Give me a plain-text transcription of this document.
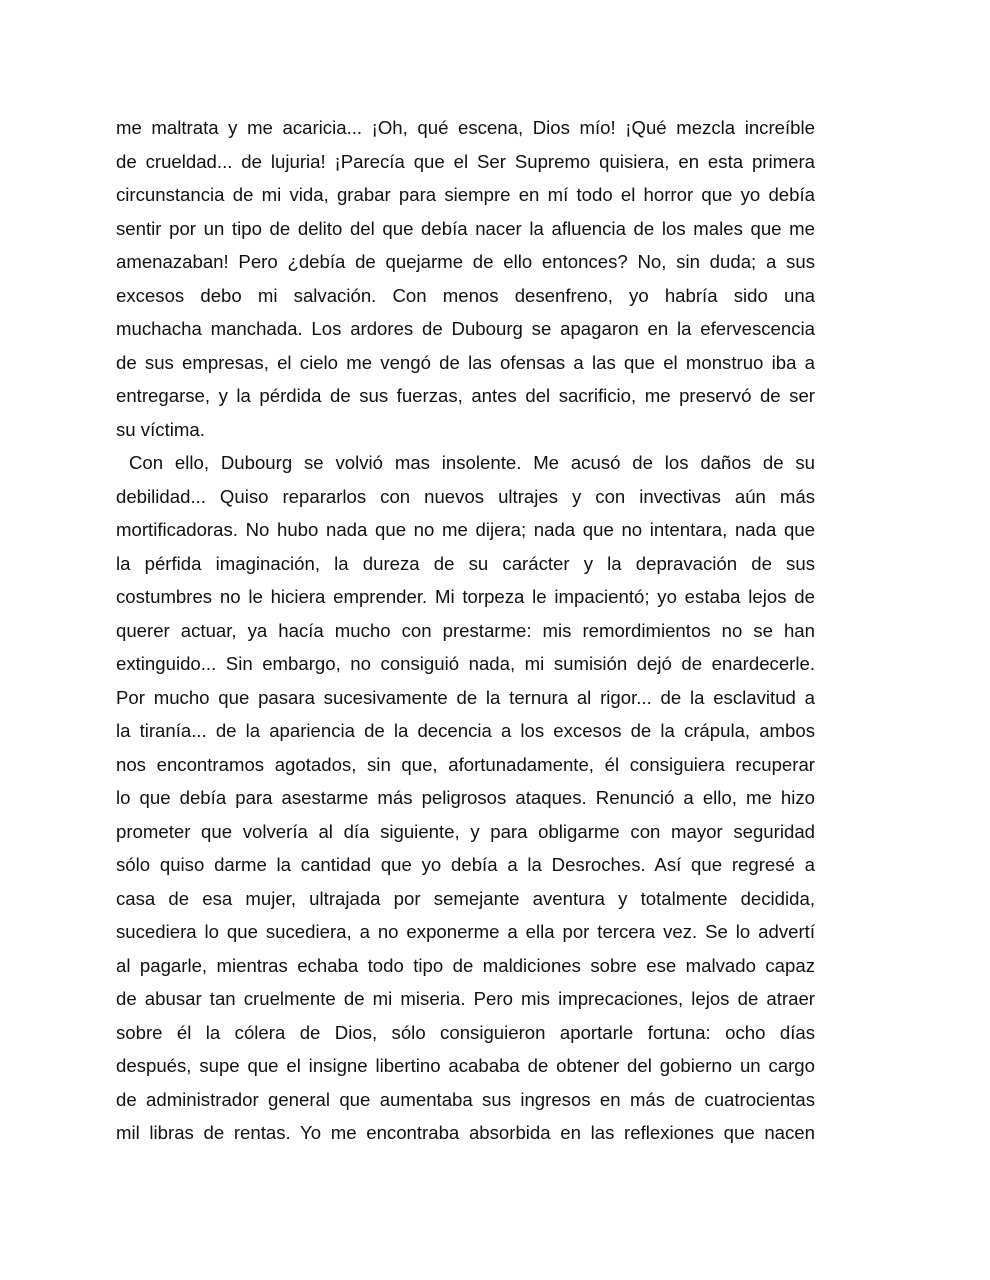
me maltrata y me acaricia... ¡Oh, qué escena, Dios mío! ¡Qué mezcla increíble
de crueldad... de lujuria! ¡Parecía que el Ser Supremo quisiera, en esta primera
circunstancia de mi vida, grabar para siempre en mí todo el horror que yo debía
sentir por un tipo de delito del que debía nacer la afluencia de los males que me
amenazaban! Pero ¿debía de quejarme de ello entonces? No, sin duda; a sus
excesos debo mi salvación. Con menos desenfreno, yo habría sido una
muchacha manchada. Los ardores de Dubourg se apagaron en la efervescencia
de sus empresas, el cielo me vengó de las ofensas a las que el monstruo iba a
entregarse, y la pérdida de sus fuerzas, antes del sacrificio, me preservó de ser
su víctima.
Con ello, Dubourg se volvió mas insolente. Me acusó de los daños de su
debilidad... Quiso repararlos con nuevos ultrajes y con invectivas aún más
mortificadoras. No hubo nada que no me dijera; nada que no intentara, nada que
la pérfida imaginación, la dureza de su carácter y la depravación de sus
costumbres no le hiciera emprender. Mi torpeza le impacientó; yo estaba lejos de
querer actuar, ya hacía mucho con prestarme: mis remordimientos no se han
extinguido... Sin embargo, no consiguió nada, mi sumisión dejó de enardecerle.
Por mucho que pasara sucesivamente de la ternura al rigor... de la esclavitud a
la tiranía... de la apariencia de la decencia a los excesos de la crápula, ambos
nos encontramos agotados, sin que, afortunadamente, él consiguiera recuperar
lo que debía para asestarme más peligrosos ataques. Renunció a ello, me hizo
prometer que volvería al día siguiente, y para obligarme con mayor seguridad
sólo quiso darme la cantidad que yo debía a la Desroches. Así que regresé a
casa de esa mujer, ultrajada por semejante aventura y totalmente decidida,
sucediera lo que sucediera, a no exponerme a ella por tercera vez. Se lo advertí
al pagarle, mientras echaba todo tipo de maldiciones sobre ese malvado capaz
de abusar tan cruelmente de mi miseria. Pero mis imprecaciones, lejos de atraer
sobre él la cólera de Dios, sólo consiguieron aportarle fortuna: ocho días
después, supe que el insigne libertino acababa de obtener del gobierno un cargo
de administrador general que aumentaba sus ingresos en más de cuatrocientas
mil libras de rentas. Yo me encontraba absorbida en las reflexiones que nacen
